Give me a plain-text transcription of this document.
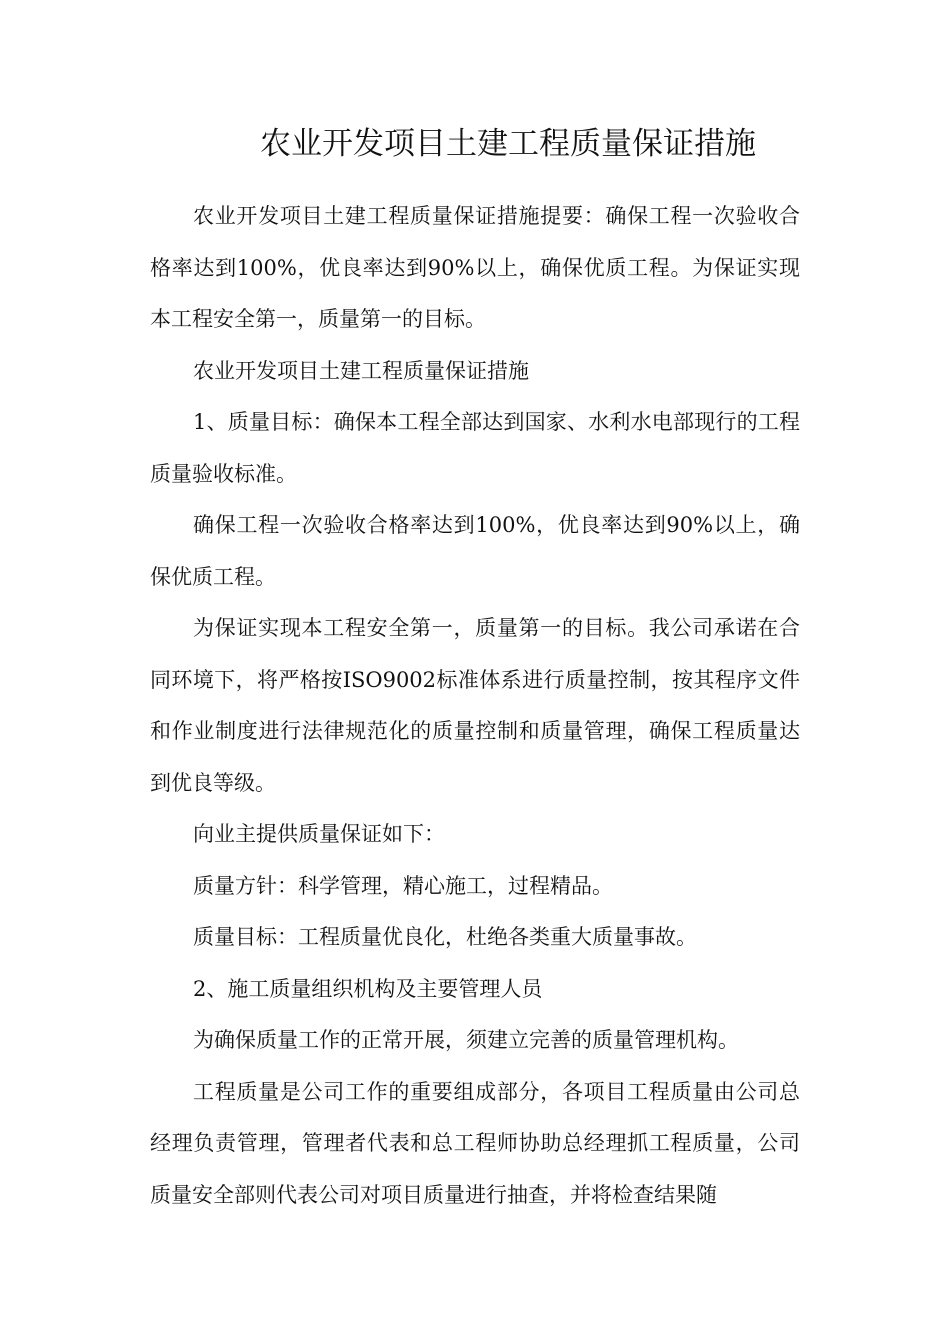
农业开发项目土建工程质量保证措施

农业开发项目土建工程质量保证措施提要：确保工程一次验收合格率达到100%，优良率达到90%以上，确保优质工程。为保证实现本工程安全第一，质量第一的目标。

农业开发项目土建工程质量保证措施

1、质量目标：确保本工程全部达到国家、水利水电部现行的工程质量验收标准。

确保工程一次验收合格率达到100%，优良率达到90%以上，确保优质工程。

为保证实现本工程安全第一，质量第一的目标。我公司承诺在合同环境下，将严格按ISO9002标准体系进行质量控制，按其程序文件和作业制度进行法律规范化的质量控制和质量管理，确保工程质量达到优良等级。

向业主提供质量保证如下：

质量方针：科学管理，精心施工，过程精品。

质量目标：工程质量优良化，杜绝各类重大质量事故。

2、施工质量组织机构及主要管理人员

为确保质量工作的正常开展，须建立完善的质量管理机构。

工程质量是公司工作的重要组成部分，各项目工程质量由公司总经理负责管理，管理者代表和总工程师协助总经理抓工程质量，公司质量安全部则代表公司对项目质量进行抽查，并将检查结果随
